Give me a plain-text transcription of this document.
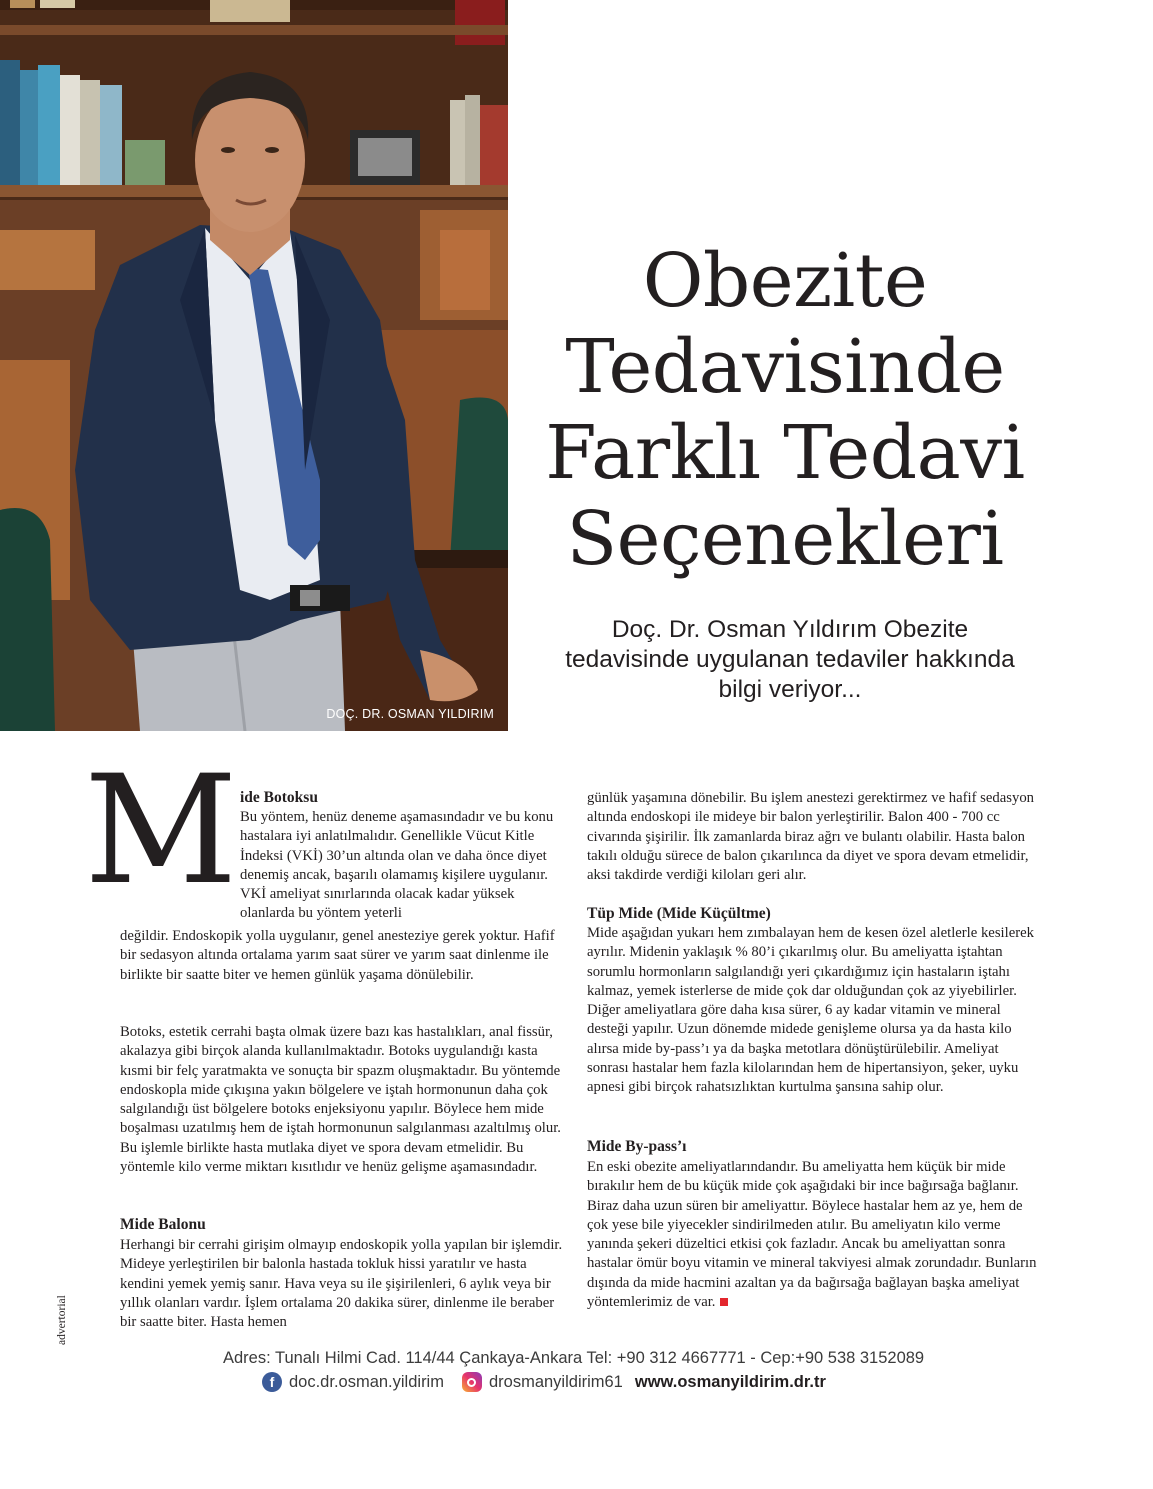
DOÇ. DR. OSMAN YILDIRIM
Obezite Tedavisinde Farklı Tedavi Seçenekleri

Doç. Dr. Osman Yıldırım Obezite tedavisinde uygulanan tedaviler hakkında bilgi veriyor...

M ide Botoksu

Bu yöntem, henüz deneme aşamasındadır ve bu konu hastalara iyi anlatılmalıdır. Genellikle Vücut Kitle İndeksi (VKİ) 30’un altında olan ve daha önce diyet denemiş ancak, başarılı olamamış kişilere uygulanır. VKİ ameliyat sınırlarında olacak kadar yüksek olanlarda bu yöntem yeterli

değildir. Endoskopik yolla uygulanır, genel anesteziye gerek yoktur. Hafif bir sedasyon altında ortalama yarım saat sürer ve yarım saat dinlenme ile birlikte bir saatte biter ve hemen günlük yaşama dönülebilir.

Botoks, estetik cerrahi başta olmak üzere bazı kas hastalıkları, anal fissür, akalazya gibi birçok alanda kullanılmaktadır. Botoks uygulandığı kasta kısmi bir felç yaratmakta ve sonuçta bir spazm oluşmaktadır. Bu yöntemde endoskopla mide çıkışına yakın bölgelere ve iştah hormonunun daha çok salgılandığı üst bölgelere botoks enjeksiyonu yapılır. Böylece hem mide boşalması uzatılmış hem de iştah hormonunun salgılanması azaltılmış olur. Bu işlemle birlikte hasta mutlaka diyet ve spora devam etmelidir. Bu yöntemle kilo verme miktarı kısıtlıdır ve henüz gelişme aşamasındadır.

Mide Balonu

Herhangi bir cerrahi girişim olmayıp endoskopik yolla yapılan bir işlemdir. Mideye yerleştirilen bir balonla hastada tokluk hissi yaratılır ve hasta kendini yemek yemiş sanır. Hava veya su ile şişirilenleri, 6 aylık veya bir yıllık olanları vardır. İşlem ortalama 20 dakika sürer, dinlenme ile beraber bir saatte biter. Hasta hemen

günlük yaşamına dönebilir. Bu işlem anestezi gerektirmez ve hafif sedasyon altında endoskopi ile mideye bir balon yerleştirilir. Balon 400 - 700 cc civarında şişirilir. İlk zamanlarda biraz ağrı ve bulantı olabilir. Hasta balon takılı olduğu sürece de balon çıkarılınca da diyet ve spora devam etmelidir, aksi takdirde verdiği kiloları geri alır.

Tüp Mide (Mide Küçültme)

Mide aşağıdan yukarı hem zımbalayan hem de kesen özel aletlerle kesilerek ayrılır. Midenin yaklaşık % 80’i çıkarılmış olur. Bu ameliyatta iştahtan sorumlu hormonların salgılandığı yeri çıkardığımız için hastaların iştahı kalmaz, yemek isterlerse de mide çok dar olduğundan çok az yiyebilirler. Diğer ameliyatlara göre daha kısa sürer, 6 ay kadar vitamin ve mineral desteği yapılır. Uzun dönemde midede genişleme olursa ya da hasta kilo alırsa mide by-pass’ı ya da başka metotlara dönüştürülebilir. Ameliyat sonrası hastalar hem fazla kilolarından hem de hipertansiyon, şeker, uyku apnesi gibi birçok rahatsızlıktan kurtulma şansına sahip olur.

Mide By-pass’ı

En eski obezite ameliyatlarındandır. Bu ameliyatta hem küçük bir mide bırakılır hem de bu küçük mide çok aşağıdaki bir ince bağırsağa bağlanır. Biraz daha uzun süren bir ameliyattır. Böylece hastalar hem az ye, hem de çok yese bile yiyecekler sindirilmeden atılır. Bu ameliyatın kilo verme yanında şekeri düzeltici etkisi çok fazladır. Ancak bu ameliyattan sonra hastalar ömür boyu vitamin ve mineral takviyesi almak zorundadır. Bunların dışında da mide hacmini azaltan ya da bağırsağa bağlayan başka ameliyat yöntemlerimiz de var.

advertorial

Adres: Tunalı Hilmi Cad. 114/44 Çankaya-Ankara Tel: +90 312 4667771 - Cep:+90 538 3152089

f doc.dr.osman.yildirim	drosmanyildirim61 www.osmanyildirim.dr.tr
